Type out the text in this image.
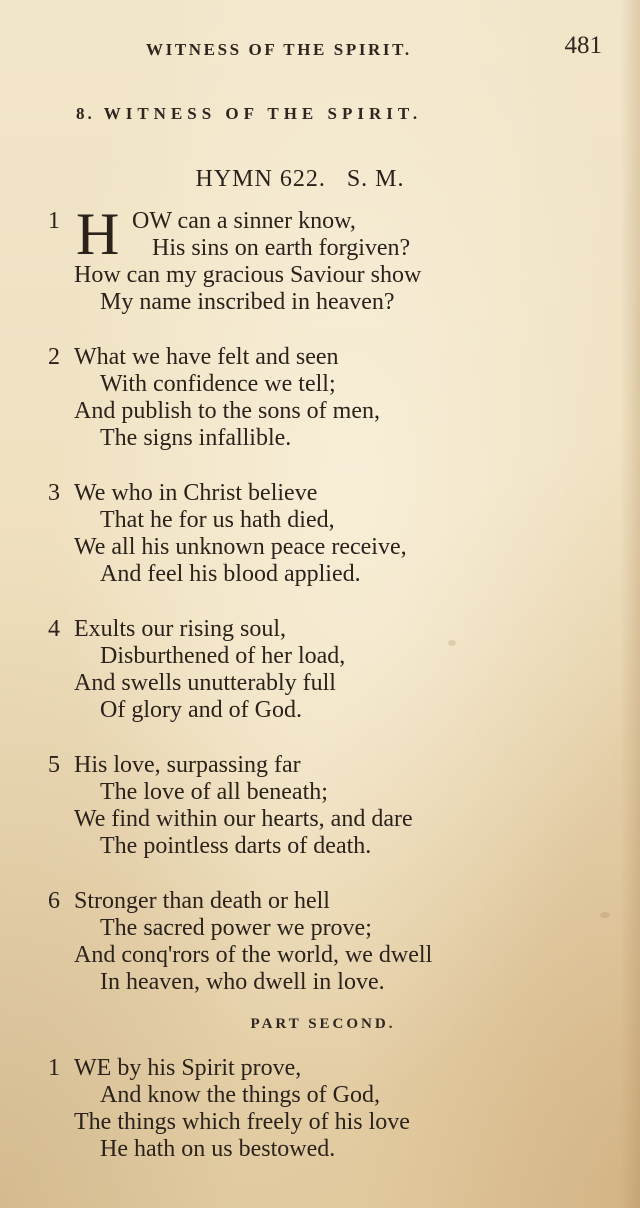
WITNESS OF THE SPIRIT.	481
8. WITNESS OF THE SPIRIT.
HYMN 622.   S. M.
1 H OW can a sinner know,
His sins on earth forgiven?
How can my gracious Saviour show
My name inscribed in heaven?
2 What we have felt and seen
With confidence we tell;
And publish to the sons of men,
The signs infallible.
3 We who in Christ believe
That he for us hath died,
We all his unknown peace receive,
And feel his blood applied.
4 Exults our rising soul,
Disburthened of her load,
And swells unutterably full
Of glory and of God.
5 His love, surpassing far
The love of all beneath;
We find within our hearts, and dare
The pointless darts of death.
6 Stronger than death or hell
The sacred power we prove;
And conq'rors of the world, we dwell
In heaven, who dwell in love.
PART SECOND.
1 WE by his Spirit prove,
And know the things of God,
The things which freely of his love
He hath on us bestowed.
